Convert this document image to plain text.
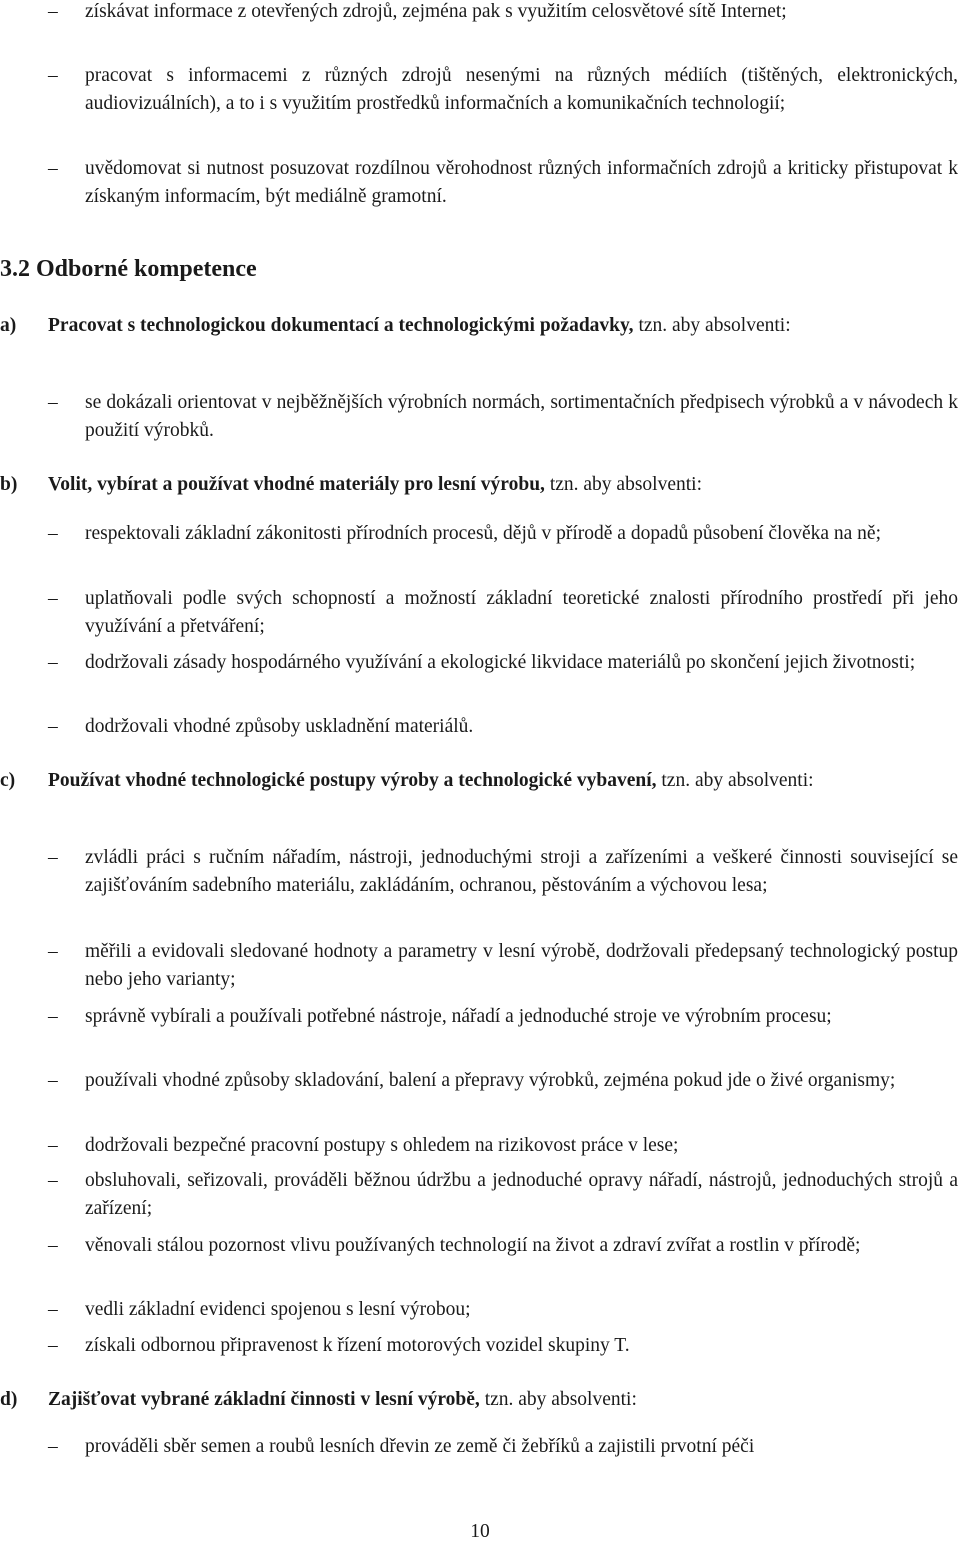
–	získávat informace z otevřených zdrojů, zejména pak s využitím celosvětové sítě Internet;
–	pracovat s informacemi z různých zdrojů nesenými na různých médiích (tištěných, elektronických, audiovizuálních), a to i s využitím prostředků informačních a komunikačních technologií;
–	uvědomovat si nutnost posuzovat rozdílnou věrohodnost různých informačních zdrojů a kriticky přistupovat k získaným informacím, být mediálně gramotní.
3.2 Odborné kompetence
a) Pracovat s technologickou dokumentací a technologickými požadavky, tzn. aby absolventi:
–	se dokázali orientovat v nejběžnějších výrobních normách, sortimentačních předpisech výrobků a v návodech k použití výrobků.
b) Volit, vybírat a používat vhodné materiály pro lesní výrobu, tzn. aby absolventi:
–	respektovali základní zákonitosti přírodních procesů, dějů v přírodě a dopadů působení člověka na ně;
–	uplatňovali podle svých schopností a možností základní teoretické znalosti přírodního prostředí při jeho využívání a přetváření;
–	dodržovali zásady hospodárného využívání a ekologické likvidace materiálů po skončení jejich životnosti;
–	dodržovali vhodné způsoby uskladnění materiálů.
c) Používat vhodné technologické postupy výroby a technologické vybavení, tzn. aby absolventi:
–	zvládli práci s ručním nářadím, nástroji, jednoduchými stroji a zařízeními a veškeré činnosti související se zajišťováním sadebního materiálu, zakládáním, ochranou, pěstováním a výchovou lesa;
–	měřili a evidovali sledované hodnoty a parametry v lesní výrobě, dodržovali předepsaný technologický postup nebo jeho varianty;
–	správně vybírali a používali potřebné nástroje, nářadí a jednoduché stroje ve výrobním procesu;
–	používali vhodné způsoby skladování, balení a přepravy výrobků, zejména pokud jde o živé organismy;
–	dodržovali bezpečné pracovní postupy s ohledem na rizikovost práce v lese;
–	obsluhovali, seřizovali, prováděli běžnou údržbu a jednoduché opravy nářadí, nástrojů, jednoduchých strojů a zařízení;
–	věnovali stálou pozornost vlivu používaných technologií na život a zdraví zvířat a rostlin v přírodě;
–	vedli základní evidenci spojenou s lesní výrobou;
–	získali odbornou připravenost k řízení motorových vozidel skupiny T.
d) Zajišťovat vybrané základní činnosti v lesní výrobě, tzn. aby absolventi:
–	prováděli sběr semen a roubů lesních dřevin ze země či žebříků a zajistili prvotní péči
10
